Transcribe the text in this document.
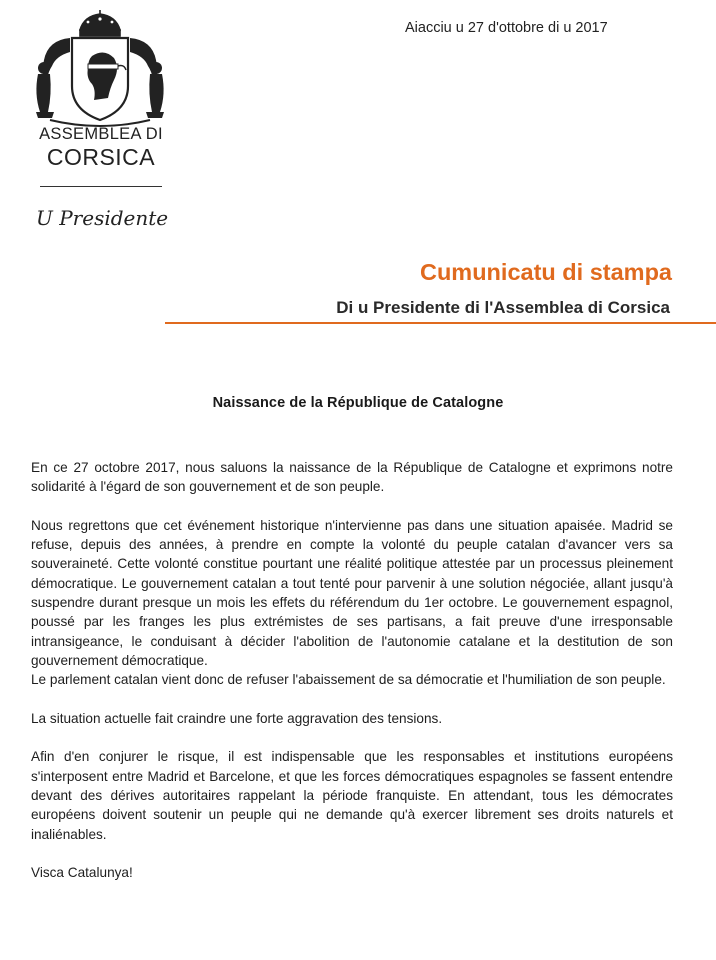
Aiacciu u 27 d'ottobre di u 2017
ASSEMBLEA DI
CORSICA
U Presidente
Cumunicatu di stampa
Di u Presidente di l'Assemblea di Corsica
Naissance de la République de Catalogne

En ce 27 octobre 2017, nous saluons la naissance de la République de Catalogne et exprimons notre solidarité à l'égard de son gouvernement et de son peuple.

Nous regrettons que cet événement historique n'intervienne pas dans une situation apaisée. Madrid se refuse, depuis des années, à prendre en compte la volonté du peuple catalan d'avancer vers sa souveraineté. Cette volonté constitue pourtant une réalité politique attestée par un processus pleinement démocratique. Le gouvernement catalan a tout tenté pour parvenir à une solution négociée, allant jusqu'à suspendre durant presque un mois les effets du référendum du 1er octobre. Le gouvernement espagnol, poussé par les franges les plus extrémistes de ses partisans, a fait preuve d'une irresponsable intransigeance, le conduisant à décider l'abolition de l'autonomie catalane et la destitution de son gouvernement démocratique.

Le parlement catalan vient donc de refuser l'abaissement de sa démocratie et l'humiliation de son peuple.

La situation actuelle fait craindre une forte aggravation des tensions.

Afin d'en conjurer le risque, il est indispensable que les responsables et institutions européens s'interposent entre Madrid et Barcelone, et que les forces démocratiques espagnoles se fassent entendre devant des dérives autoritaires rappelant la période franquiste. En attendant, tous les démocrates européens doivent soutenir un peuple qui ne demande qu'à exercer librement ses droits naturels et inaliénables.

Visca Catalunya!
